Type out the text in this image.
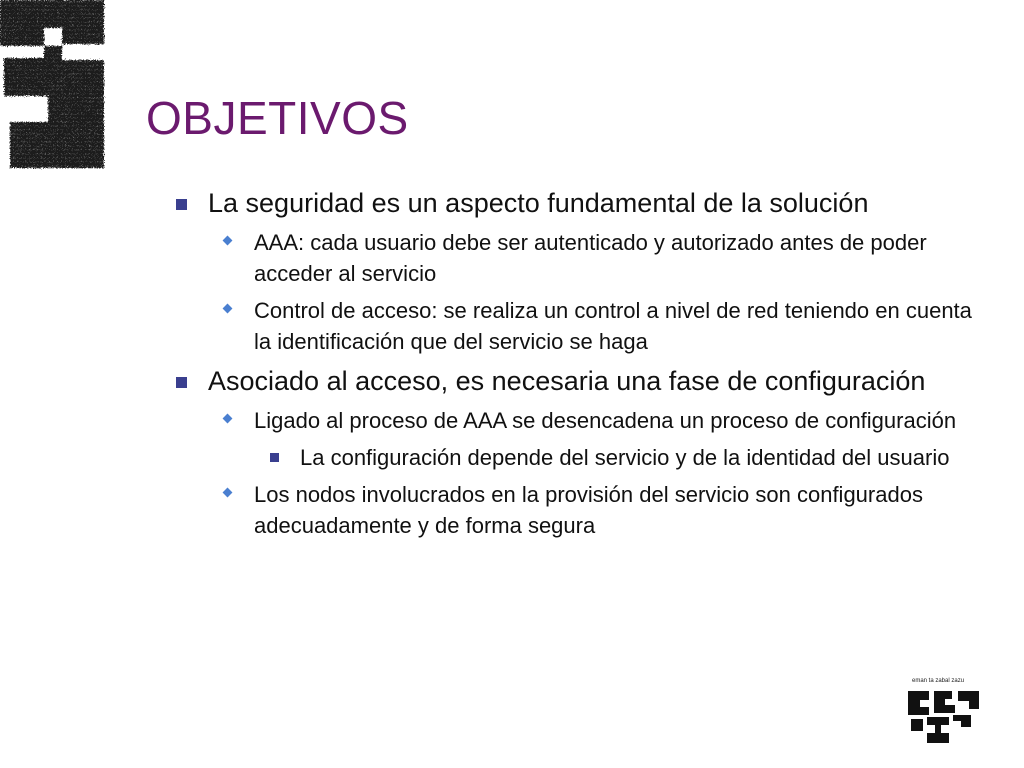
OBJETIVOS
La seguridad es un aspecto fundamental de la solución
AAA: cada usuario debe ser autenticado y autorizado antes de poder acceder al servicio
Control de acceso: se realiza un control a nivel de red teniendo en cuenta la identificación que del servicio se haga
Asociado al acceso, es necesaria una fase de configuración
Ligado al proceso de AAA se desencadena un proceso de configuración
La configuración depende del servicio y de la identidad del usuario
Los nodos involucrados en la provisión del servicio son configurados adecuadamente y de forma segura
eman ta zabal zazu
